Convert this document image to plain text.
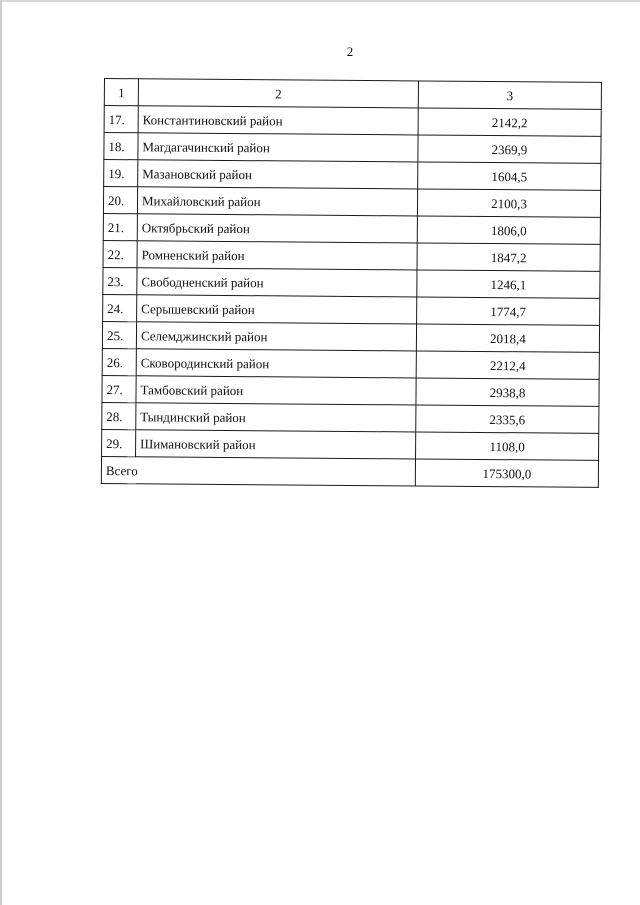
2
1	2	3
17.	Константиновский район	2142,2
18.	Магдагачинский район	2369,9
19.	Мазановский район	1604,5
20.	Михайловский район	2100,3
21.	Октябрьский район	1806,0
22.	Ромненский район	1847,2
23.	Свободненский район	1246,1
24.	Серышевский район	1774,7
25.	Селемджинский район	2018,4
26.	Сковородинский район	2212,4
27.	Тамбовский район	2938,8
28.	Тындинский район	2335,6
29.	Шимановский район	1108,0
Всего		175300,0
